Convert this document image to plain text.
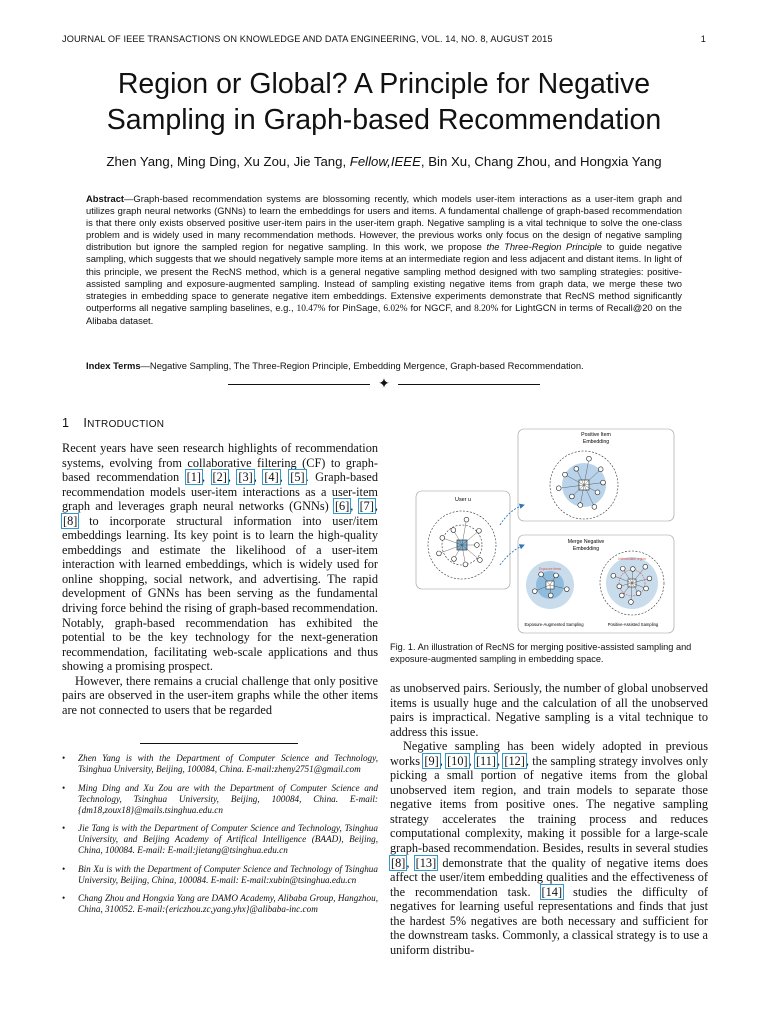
JOURNAL OF IEEE TRANSACTIONS ON KNOWLEDGE AND DATA ENGINEERING, VOL. 14, NO. 8, AUGUST 2015	1
Region or Global? A Principle for Negative
Sampling in Graph-based Recommendation
Zhen Yang, Ming Ding, Xu Zou, Jie Tang, Fellow,IEEE, Bin Xu, Chang Zhou, and Hongxia Yang

Abstract—Graph-based recommendation systems are blossoming recently, which models user-item interactions as a user-item graph and utilizes graph neural networks (GNNs) to learn the embeddings for users and items. A fundamental challenge of graph-based recommendation is that there only exists observed positive user-item pairs in the user-item graph. Negative sampling is a vital technique to solve the one-class problem and is widely used in many recommendation methods. However, the previous works only focus on the design of negative sampling distribution but ignore the sampled region for negative sampling. In this work, we propose the Three-Region Principle to guide negative sampling, which suggests that we should negatively sample more items at an intermediate region and less adjacent and distant items. In light of this principle, we present the RecNS method, which is a general negative sampling method designed with two sampling strategies: positive-assisted sampling and exposure-augmented sampling. Instead of sampling existing negative items from graph data, we merge these two strategies in embedding space to generate negative item embeddings. Extensive experiments demonstrate that RecNS method significantly outperforms all negative sampling baselines, e.g., 10.47% for PinSage, 6.02% for NGCF, and 8.20% for LightGCN in terms of Recall@20 on the Alibaba dataset.

Index Terms—Negative Sampling, The Three-Region Principle, Embedding Mergence, Graph-based Recommendation.

✦
1 INTRODUCTION

Recent years have seen research highlights of recommendation systems, evolving from collaborative filtering (CF) to graph-based recommendation [1], [2], [3], [4], [5]. Graph-based recommendation models user-item interactions as a user-item graph and leverages graph neural networks (GNNs) [6], [7], [8] to incorporate structural information into user/item embeddings learning. Its key point is to learn the high-quality embeddings and estimate the likelihood of a user-item interaction with learned embeddings, which is widely used for online shopping, social network, and advertising. The rapid development of GNNs has been serving as the fundamental driving force behind the rising of graph-based recommendation. Notably, graph-based recommendation has exhibited the potential to be the key technology for the next-generation recommendation, facilitating web-scale applications and thus showing a promising prospect.

However, there remains a crucial challenge that only positive pairs are observed in the user-item graphs while the other items are not connected to users that be regarded

• Zhen Yang is with the Department of Computer Science and Technology, Tsinghua University, Beijing, 100084, China. E-mail:zheny2751@gmail.com
• Ming Ding and Xu Zou are with the Department of Computer Science and Technology, Tsinghua University, Beijing, 100084, China. E-mail:{dm18,zoux18}@mails.tsinghua.edu.cn
• Jie Tang is with the Department of Computer Science and Technology, Tsinghua University, and Beijing Academy of Artifical Intelligence (BAAD), Beijing, China, 100084. E-mail: E-mail:jietang@tsinghua.edu.cn
• Bin Xu is with the Department of Computer Science and Technology of Tsinghua University, Beijing, China, 100084. E-mail: E-mail:xubin@tsinghua.edu.cn
• Chang Zhou and Hongxia Yang are DAMO Academy, Alibaba Group, Hangzhou, China, 310052. E-mail:{ericzhou.zc,yang.yhx}@alibaba-inc.com
Positive Item
Embedding
User u
Merge Negative
Embedding
Exposure items
Intermediate region
Exposure-Augmented Sampling	Positive-Assisted Sampling

Fig. 1. An illustration of RecNS for merging positive-assisted sampling and exposure-augmented sampling in embedding space.

as unobserved pairs. Seriously, the number of global unobserved items is usually huge and the calculation of all the unobserved pairs is impractical. Negative sampling is a vital technique to address this issue.

Negative sampling has been widely adopted in previous works [9], [10], [11], [12], the sampling strategy involves only picking a small portion of negative items from the global unobserved item region, and train models to separate those negative items from positive ones. The negative sampling strategy accelerates the training process and reduces computational complexity, making it possible for a large-scale graph-based recommendation. Besides, results in several studies [8], [13] demonstrate that the quality of negative items does affect the user/item embedding qualities and the effectiveness of the recommendation task. [14] studies the difficulty of negatives for learning useful representations and finds that just the hardest 5% negatives are both necessary and sufficient for the downstream tasks. Commonly, a classical strategy is to use a uniform distribu-
